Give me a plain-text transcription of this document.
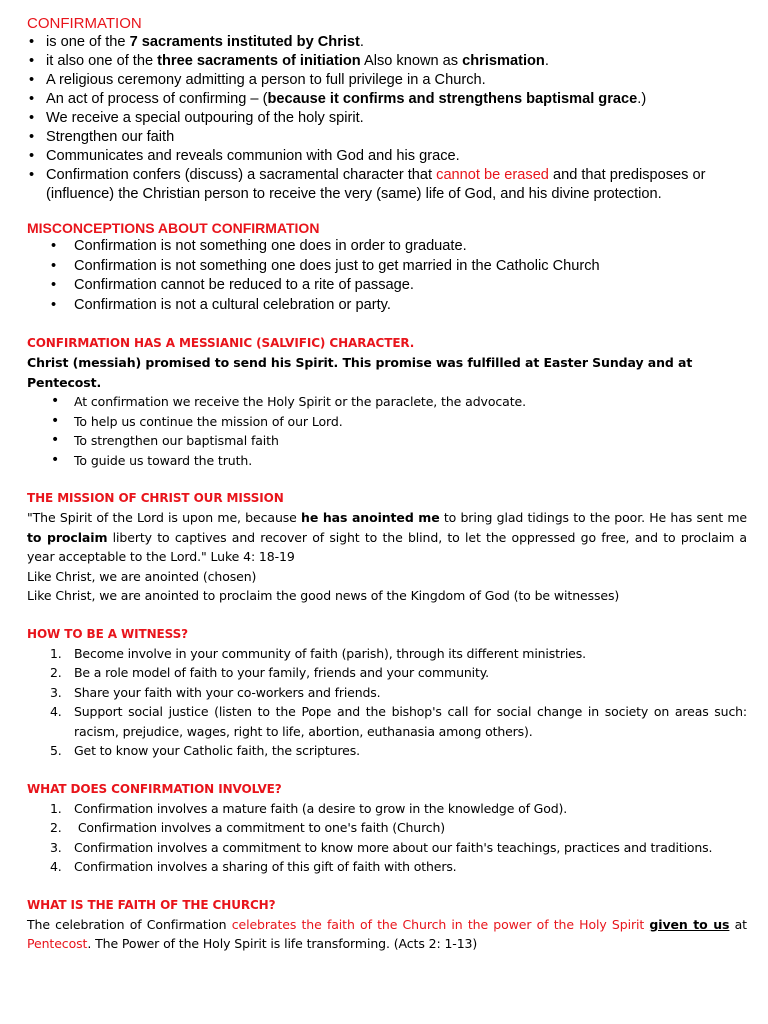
CONFIRMATION

• is one of the 7 sacraments instituted by Christ.
• it also one of the three sacraments of initiation Also known as chrismation.
• A religious ceremony admitting a person to full privilege in a Church.
• An act of process of confirming – (because it confirms and strengthens baptismal grace.)
• We receive a special outpouring of the holy spirit.
• Strengthen our faith
• Communicates and reveals communion with God and his grace.
• Confirmation confers (discuss) a sacramental character that cannot be erased and that predisposes or (influence) the Christian person to receive the very (same) life of God, and his divine protection.

MISCONCEPTIONS ABOUT CONFIRMATION

• Confirmation is not something one does in order to graduate.
• Confirmation is not something one does just to get married in the Catholic Church
• Confirmation cannot be reduced to a rite of passage.
• Confirmation is not a cultural celebration or party.

CONFIRMATION HAS A MESSIANIC (SALVIFIC) CHARACTER.

Christ (messiah) promised to send his Spirit. This promise was fulfilled at Easter Sunday and at Pentecost.

• At confirmation we receive the Holy Spirit or the paraclete, the advocate.
• To help us continue the mission of our Lord.
• To strengthen our baptismal faith
• To guide us toward the truth.

THE MISSION OF CHRIST OUR MISSION

"The Spirit of the Lord is upon me, because he has anointed me to bring glad tidings to the poor. He has sent me to proclaim liberty to captives and recover of sight to the blind, to let the oppressed go free, and to proclaim a year acceptable to the Lord." Luke 4: 18-19

Like Christ, we are anointed (chosen)

Like Christ, we are anointed to proclaim the good news of the Kingdom of God (to be witnesses)

HOW TO BE A WITNESS?

1. Become involve in your community of faith (parish), through its different ministries.
2. Be a role model of faith to your family, friends and your community.
3. Share your faith with your co-workers and friends.
4. Support social justice (listen to the Pope and the bishop's call for social change in society on areas such: racism, prejudice, wages, right to life, abortion, euthanasia among others).
5. Get to know your Catholic faith, the scriptures.

WHAT DOES CONFIRMATION INVOLVE?

1. Confirmation involves a mature faith (a desire to grow in the knowledge of God).
2. Confirmation involves a commitment to one's faith (Church)
3. Confirmation involves a commitment to know more about our faith's teachings, practices and traditions.
4. Confirmation involves a sharing of this gift of faith with others.

WHAT IS THE FAITH OF THE CHURCH?

The celebration of Confirmation celebrates the faith of the Church in the power of the Holy Spirit given to us at Pentecost. The Power of the Holy Spirit is life transforming. (Acts 2: 1-13)
